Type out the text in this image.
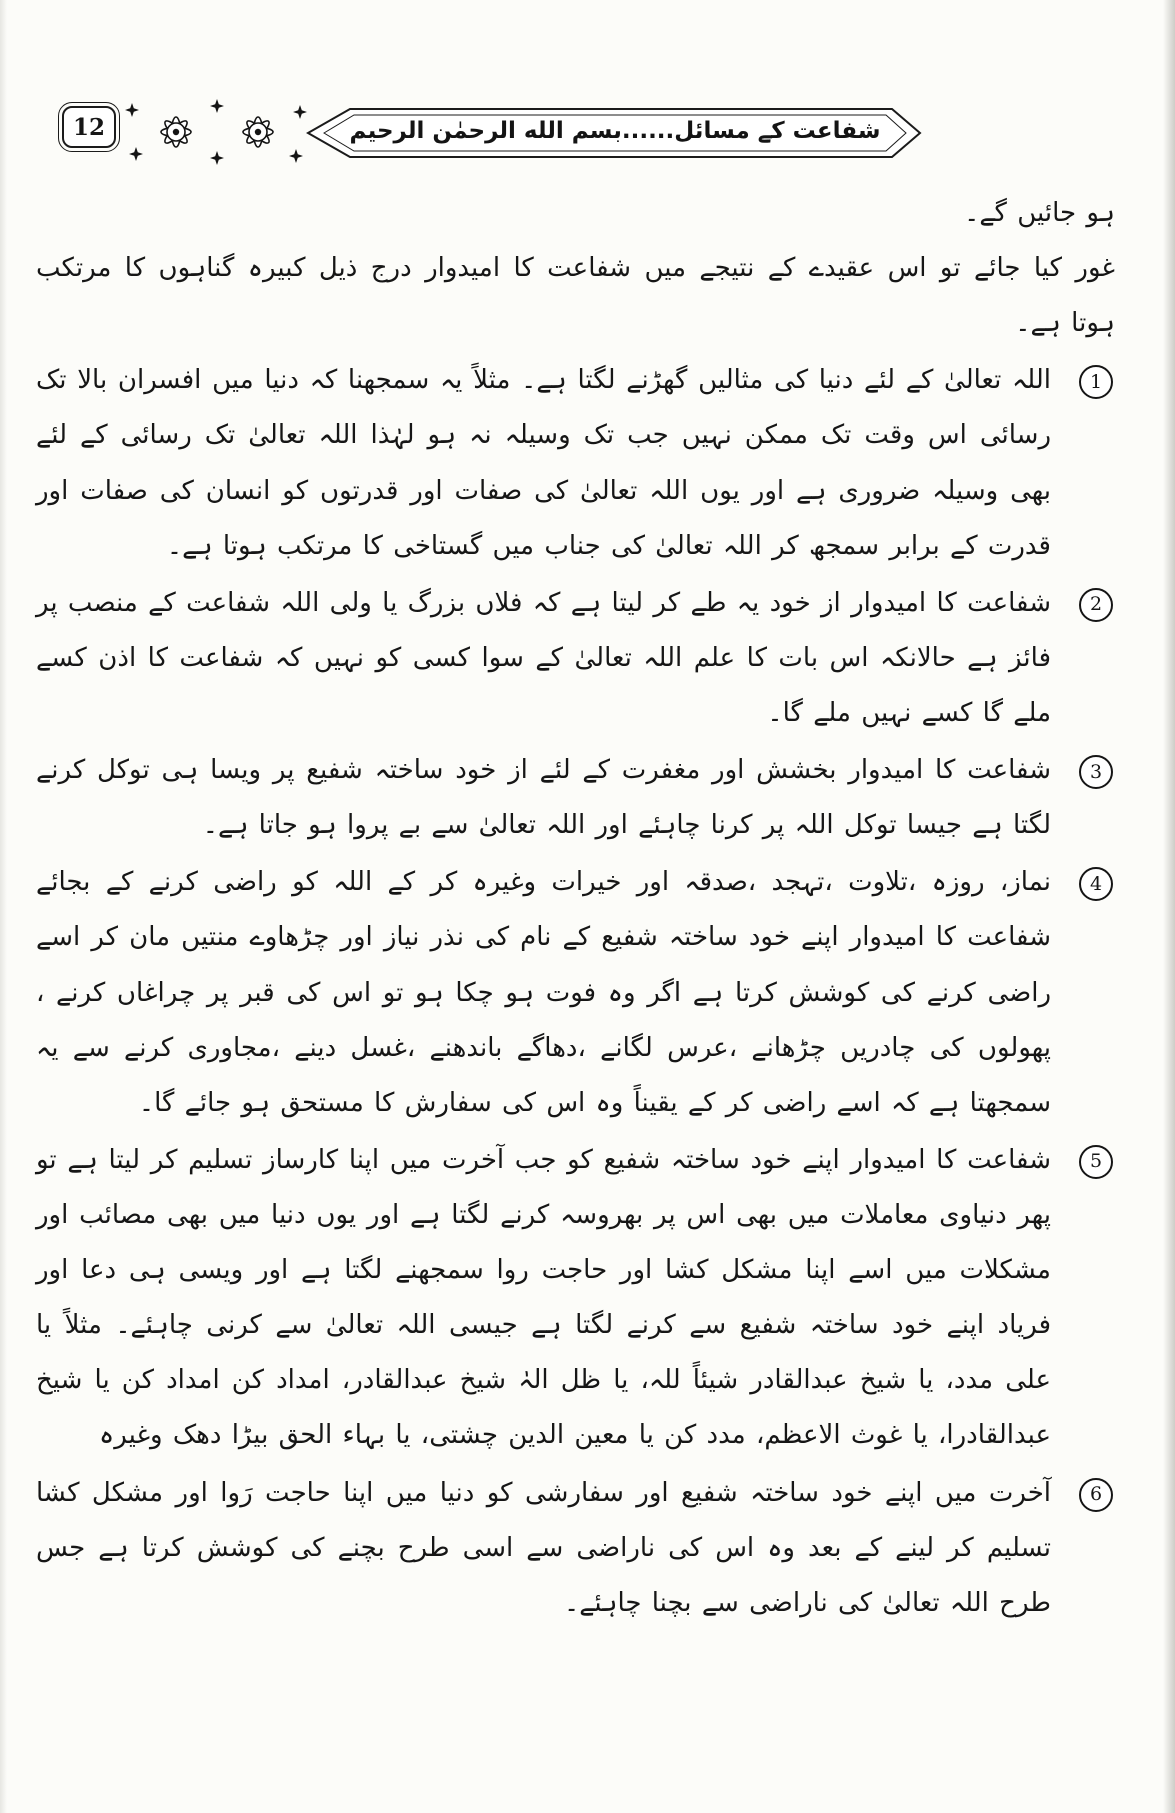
12	شفاعت کے مسائل......بسم الله الرحمٰن الرحیم

ہو جائیں گے۔

غور کیا جائے تو اس عقیدے کے نتیجے میں شفاعت کا امیدوار درج ذیل کبیرہ گناہوں کا مرتکب ہوتا ہے۔

1

اللہ تعالیٰ کے لئے دنیا کی مثالیں گھڑنے لگتا ہے۔ مثلاً یہ سمجھنا کہ دنیا میں افسران بالا تک رسائی اس وقت تک ممکن نہیں جب تک وسیلہ نہ ہو لہٰذا اللہ تعالیٰ تک رسائی کے لئے بھی وسیلہ ضروری ہے اور یوں اللہ تعالیٰ کی صفات اور قدرتوں کو انسان کی صفات اور قدرت کے برابر سمجھ کر اللہ تعالیٰ کی جناب میں گستاخی کا مرتکب ہوتا ہے۔

2

شفاعت کا امیدوار از خود یہ طے کر لیتا ہے کہ فلاں بزرگ یا ولی اللہ شفاعت کے منصب پر فائز ہے حالانکہ اس بات کا علم اللہ تعالیٰ کے سوا کسی کو نہیں کہ شفاعت کا اذن کسے ملے گا کسے نہیں ملے گا۔

3

شفاعت کا امیدوار بخشش اور مغفرت کے لئے از خود ساختہ شفیع پر ویسا ہی توکل کرنے لگتا ہے جیسا توکل اللہ پر کرنا چاہئے اور اللہ تعالیٰ سے بے پروا ہو جاتا ہے۔

4

نماز، روزہ ،تلاوت ،تہجد ،صدقہ اور خیرات وغیرہ کر کے اللہ کو راضی کرنے کے بجائے شفاعت کا امیدوار اپنے خود ساختہ شفیع کے نام کی نذر نیاز اور چڑھاوے منتیں مان کر اسے راضی کرنے کی کوشش کرتا ہے اگر وہ فوت ہو چکا ہو تو اس کی قبر پر چراغاں کرنے ، پھولوں کی چادریں چڑھانے ،عرس لگانے ،دھاگے باندھنے ،غسل دینے ،مجاوری کرنے سے یہ سمجھتا ہے کہ اسے راضی کر کے یقیناً وہ اس کی سفارش کا مستحق ہو جائے گا۔

5

شفاعت کا امیدوار اپنے خود ساختہ شفیع کو جب آخرت میں اپنا کارساز تسلیم کر لیتا ہے تو پھر دنیاوی معاملات میں بھی اس پر بھروسہ کرنے لگتا ہے اور یوں دنیا میں بھی مصائب اور مشکلات میں اسے اپنا مشکل کشا اور حاجت روا سمجھنے لگتا ہے اور ویسی ہی دعا اور فریاد اپنے خود ساختہ شفیع سے کرنے لگتا ہے جیسی اللہ تعالیٰ سے کرنی چاہئے۔ مثلاً یا علی مدد، یا شیخ عبدالقادر شیئاً للہ، یا ظل الہٰ شیخ عبدالقادر، امداد کن امداد کن یا شیخ عبدالقادرا، یا غوث الاعظم، مدد کن یا معین الدین چشتی، یا بہاء الحق بیڑا دھک وغیرہ

6

آخرت میں اپنے خود ساختہ شفیع اور سفارشی کو دنیا میں اپنا حاجت رَوا اور مشکل کشا تسلیم کر لینے کے بعد وہ اس کی ناراضی سے اسی طرح بچنے کی کوشش کرتا ہے جس طرح اللہ تعالیٰ کی ناراضی سے بچنا چاہئے۔
